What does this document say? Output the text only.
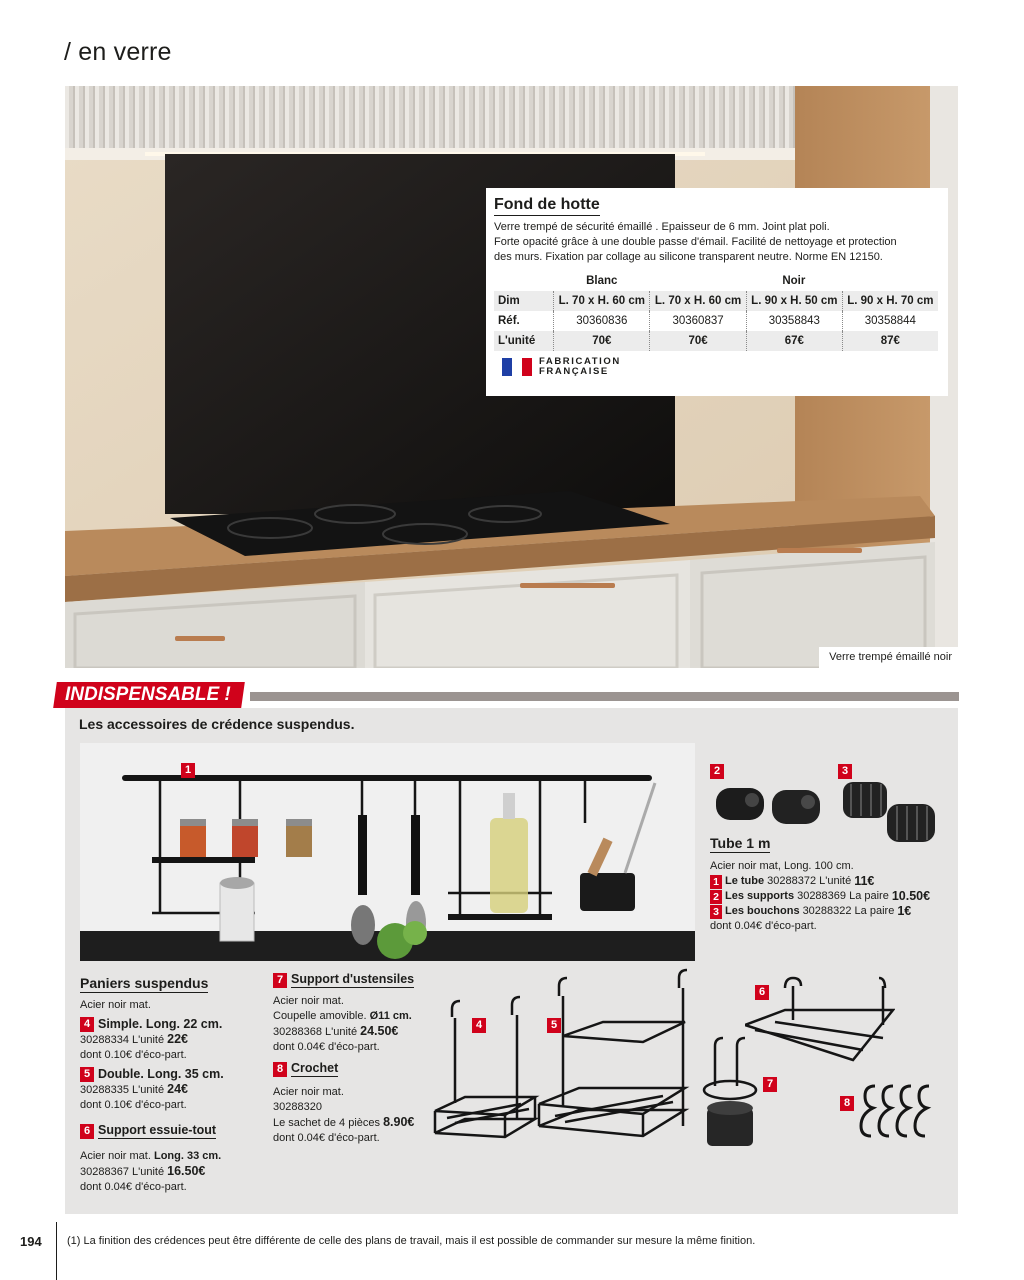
/ en verre
Verre trempé émaillé noir
Fond de hotte
Verre trempé de sécurité émaillé . Epaisseur de 6 mm. Joint plat poli.
Forte opacité grâce à une double passe d'émail. Facilité de nettoyage et protection
des murs. Fixation par collage au silicone transparent neutre. Norme EN 12150.
	Blanc	Noir		
Dim	L. 70 x H. 60 cm	L. 70 x H. 60 cm	L. 90 x H. 50 cm	L. 90 x H. 70 cm
Réf.	30360836	30360837	30358843	30358844
L'unité	70€	70€	67€	87€
FABRICATION
FRANÇAISE
INDISPENSABLE !
Les accessoires de crédence suspendus.
1	2	3
Tube 1 m
Acier noir mat, Long. 100 cm.
1 Le tube 30288372 L'unité 11€
2 Les supports 30288369 La paire 10.50€
3 Les bouchons 30288322 La paire 1€
dont 0.04€ d'éco-part.
Paniers suspendus
Acier noir mat.
4 Simple. Long. 22 cm.
30288334 L'unité 22€
dont 0.10€ d'éco-part.
5 Double. Long. 35 cm.
30288335 L'unité 24€
dont 0.10€ d'éco-part.
6 Support essuie-tout
Acier noir mat. Long. 33 cm.
30288367 L'unité 16.50€
dont 0.04€ d'éco-part.
7 Support d'ustensiles
Acier noir mat.
Coupelle amovible. Ø11 cm.
30288368 L'unité 24.50€
dont 0.04€ d'éco-part.
8 Crochet
Acier noir mat.
30288320
Le sachet de 4 pièces 8.90€
dont 0.04€ d'éco-part.
4	5
6
7
8
194 (1) La finition des crédences peut être différente de celle des plans de travail, mais il est possible de commander sur mesure la même finition.
